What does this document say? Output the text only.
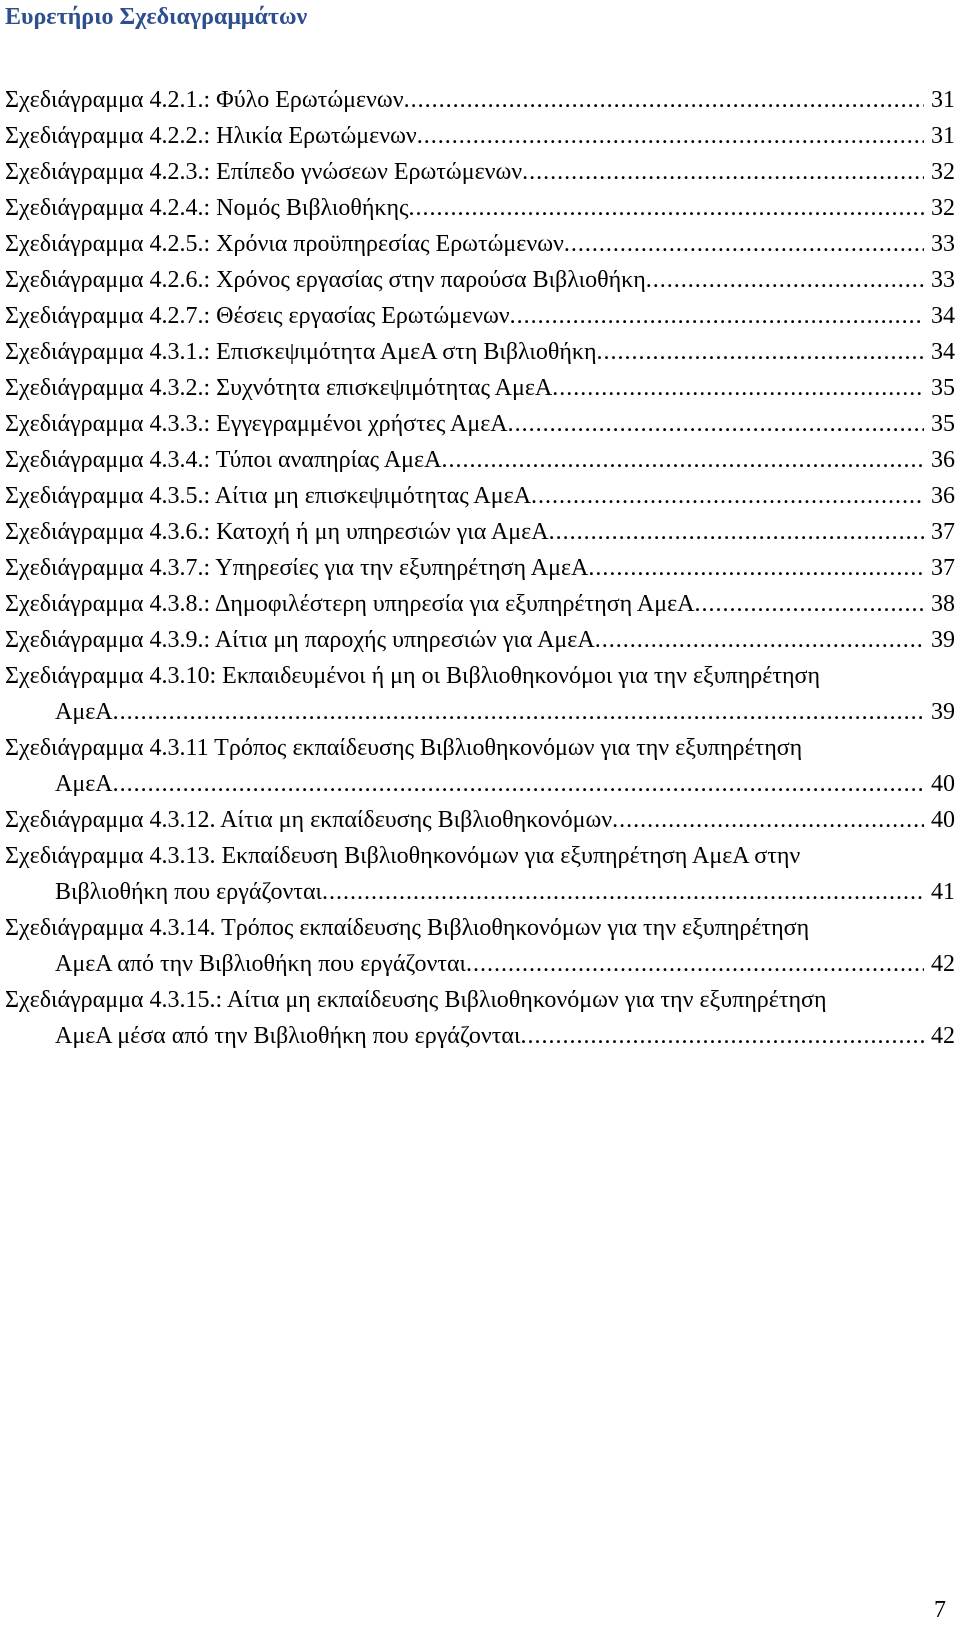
Ευρετήριο Σχεδιαγραμμάτων
Σχεδιάγραμμα 4.2.1.: Φύλο Ερωτώμενων .....	31
Σχεδιάγραμμα 4.2.2.: Ηλικία Ερωτώμενων .....	31
Σχεδιάγραμμα 4.2.3.: Επίπεδο γνώσεων Ερωτώμενων .....	32
Σχεδιάγραμμα 4.2.4.: Νομός Βιβλιοθήκης .....	32
Σχεδιάγραμμα 4.2.5.: Χρόνια προϋπηρεσίας Ερωτώμενων .....	33
Σχεδιάγραμμα 4.2.6.: Χρόνος εργασίας στην παρούσα Βιβλιοθήκη .....	33
Σχεδιάγραμμα 4.2.7.: Θέσεις εργασίας Ερωτώμενων .....	34
Σχεδιάγραμμα 4.3.1.: Επισκεψιμότητα ΑμεΑ στη Βιβλιοθήκη .....	34
Σχεδιάγραμμα 4.3.2.: Συχνότητα επισκεψιμότητας ΑμεΑ .....	35
Σχεδιάγραμμα 4.3.3.: Εγγεγραμμένοι χρήστες ΑμεΑ .....	35
Σχεδιάγραμμα 4.3.4.: Τύποι αναπηρίας ΑμεΑ .....	36
Σχεδιάγραμμα 4.3.5.: Αίτια μη επισκεψιμότητας ΑμεΑ .....	36
Σχεδιάγραμμα 4.3.6.: Κατοχή ή μη υπηρεσιών για ΑμεΑ .....	37
Σχεδιάγραμμα 4.3.7.: Υπηρεσίες για την εξυπηρέτηση ΑμεΑ .....	37
Σχεδιάγραμμα 4.3.8.: Δημοφιλέστερη υπηρεσία για εξυπηρέτηση ΑμεΑ .....	38
Σχεδιάγραμμα 4.3.9.: Αίτια μη παροχής υπηρεσιών για ΑμεΑ .....	39
Σχεδιάγραμμα 4.3.10: Εκπαιδευμένοι ή μη οι Βιβλιοθηκονόμοι για την εξυπηρέτηση
ΑμεΑ .....	39
Σχεδιάγραμμα 4.3.11 Τρόπος εκπαίδευσης Βιβλιοθηκονόμων για την εξυπηρέτηση
ΑμεΑ .....	40
Σχεδιάγραμμα 4.3.12. Αίτια μη εκπαίδευσης Βιβλιοθηκονόμων .....	40
Σχεδιάγραμμα 4.3.13. Εκπαίδευση Βιβλιοθηκονόμων για εξυπηρέτηση ΑμεΑ στην
Βιβλιοθήκη που εργάζονται .....	41
Σχεδιάγραμμα 4.3.14. Τρόπος εκπαίδευσης Βιβλιοθηκονόμων για την εξυπηρέτηση
ΑμεΑ από την Βιβλιοθήκη που εργάζονται .....	42
Σχεδιάγραμμα 4.3.15.: Αίτια μη εκπαίδευσης Βιβλιοθηκονόμων για την εξυπηρέτηση
ΑμεΑ μέσα από την Βιβλιοθήκη που εργάζονται .....	42
7
